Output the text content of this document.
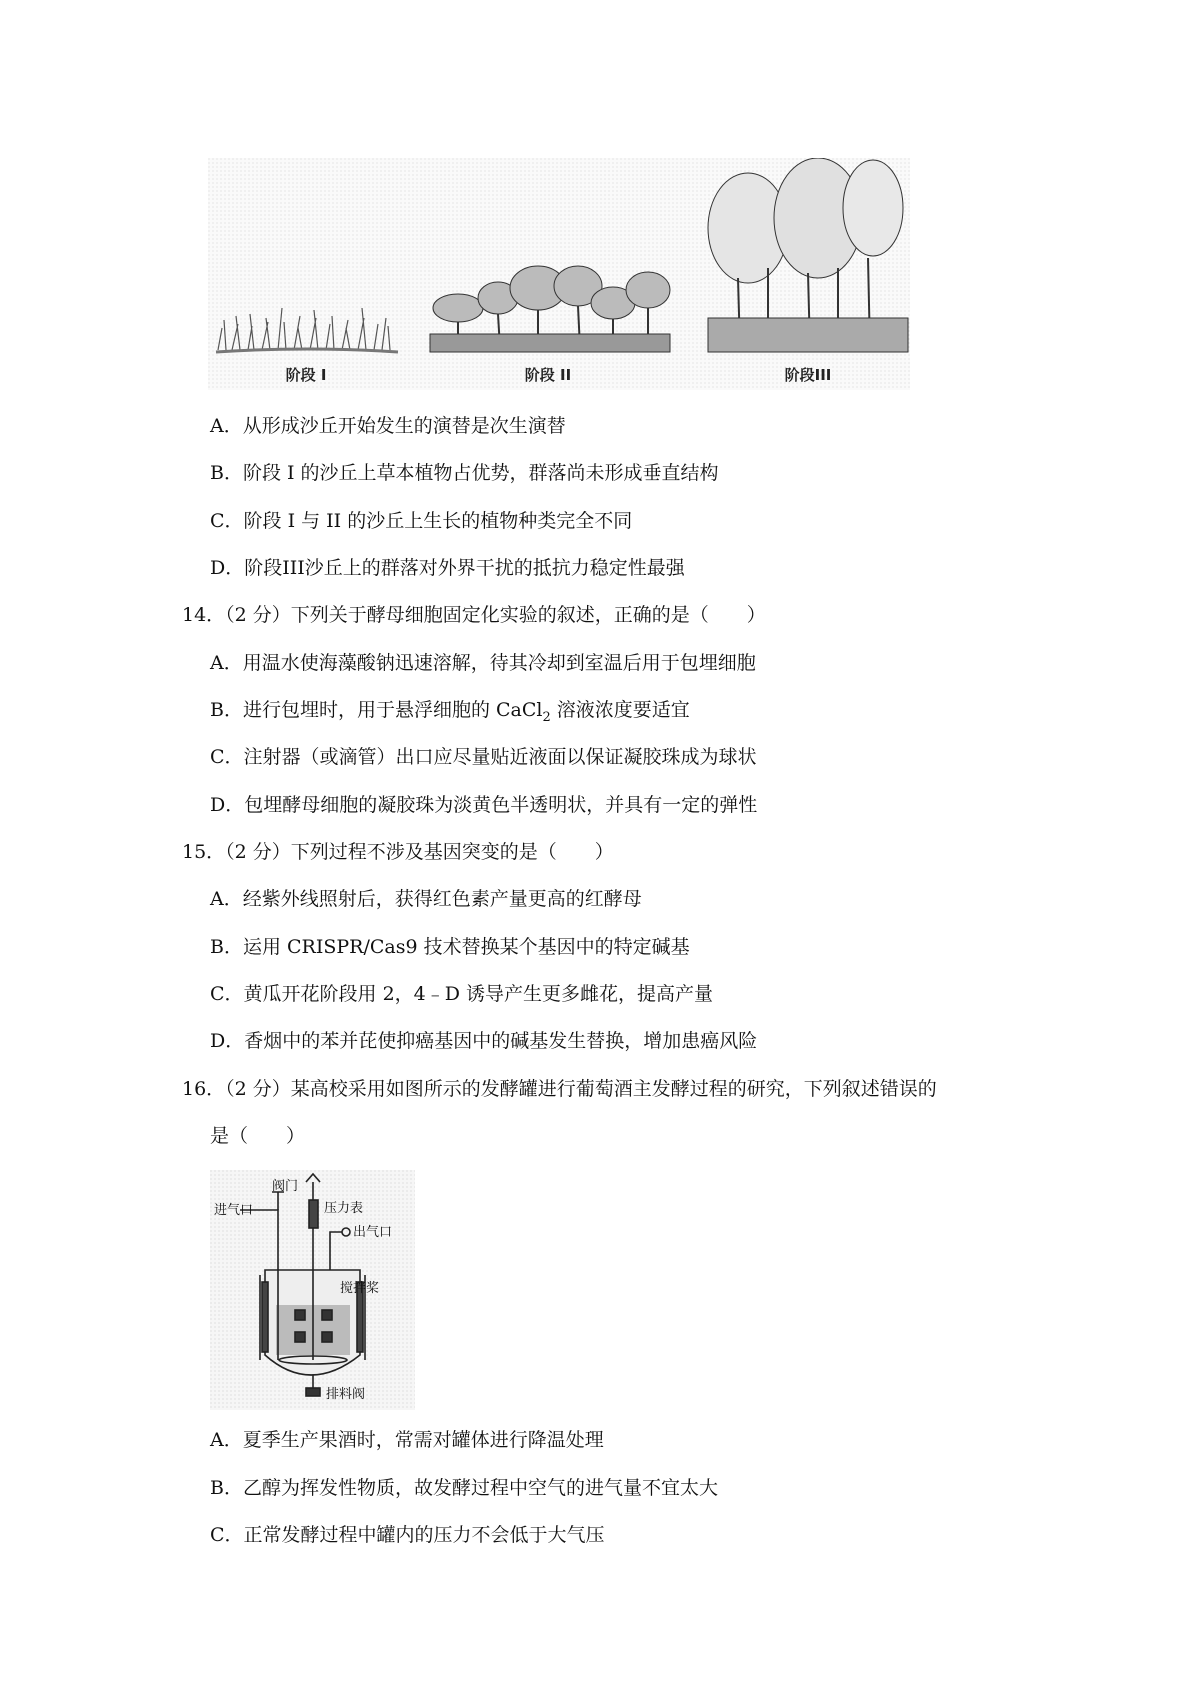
阶段 I	阶段 II	阶段III
A．从形成沙丘开始发生的演替是次生演替
B．阶段 I 的沙丘上草本植物占优势，群落尚未形成垂直结构
C．阶段 I 与 II 的沙丘上生长的植物种类完全不同
D．阶段III沙丘上的群落对外界干扰的抵抗力稳定性最强
14．（2 分）下列关于酵母细胞固定化实验的叙述，正确的是（　　）
A．用温水使海藻酸钠迅速溶解，待其冷却到室温后用于包埋细胞
B．进行包埋时，用于悬浮细胞的 CaCl$_2$ 溶液浓度要适宜
C．注射器（或滴管）出口应尽量贴近液面以保证凝胶珠成为球状
D．包埋酵母细胞的凝胶珠为淡黄色半透明状，并具有一定的弹性
15．（2 分）下列过程不涉及基因突变的是（　　）
A．经紫外线照射后，获得红色素产量更高的红酵母
B．运用 CRISPR/Cas9 技术替换某个基因中的特定碱基
C．黄瓜开花阶段用 2，4﹣D 诱导产生更多雌花，提高产量
D．香烟中的苯并芘使抑癌基因中的碱基发生替换，增加患癌风险
16．（2 分）某高校采用如图所示的发酵罐进行葡萄酒主发酵过程的研究，下列叙述错误的
是（　　）
阀门
进气口	压力表
出气口
搅拌桨
排料阀
A．夏季生产果酒时，常需对罐体进行降温处理
B．乙醇为挥发性物质，故发酵过程中空气的进气量不宜太大
C．正常发酵过程中罐内的压力不会低于大气压
